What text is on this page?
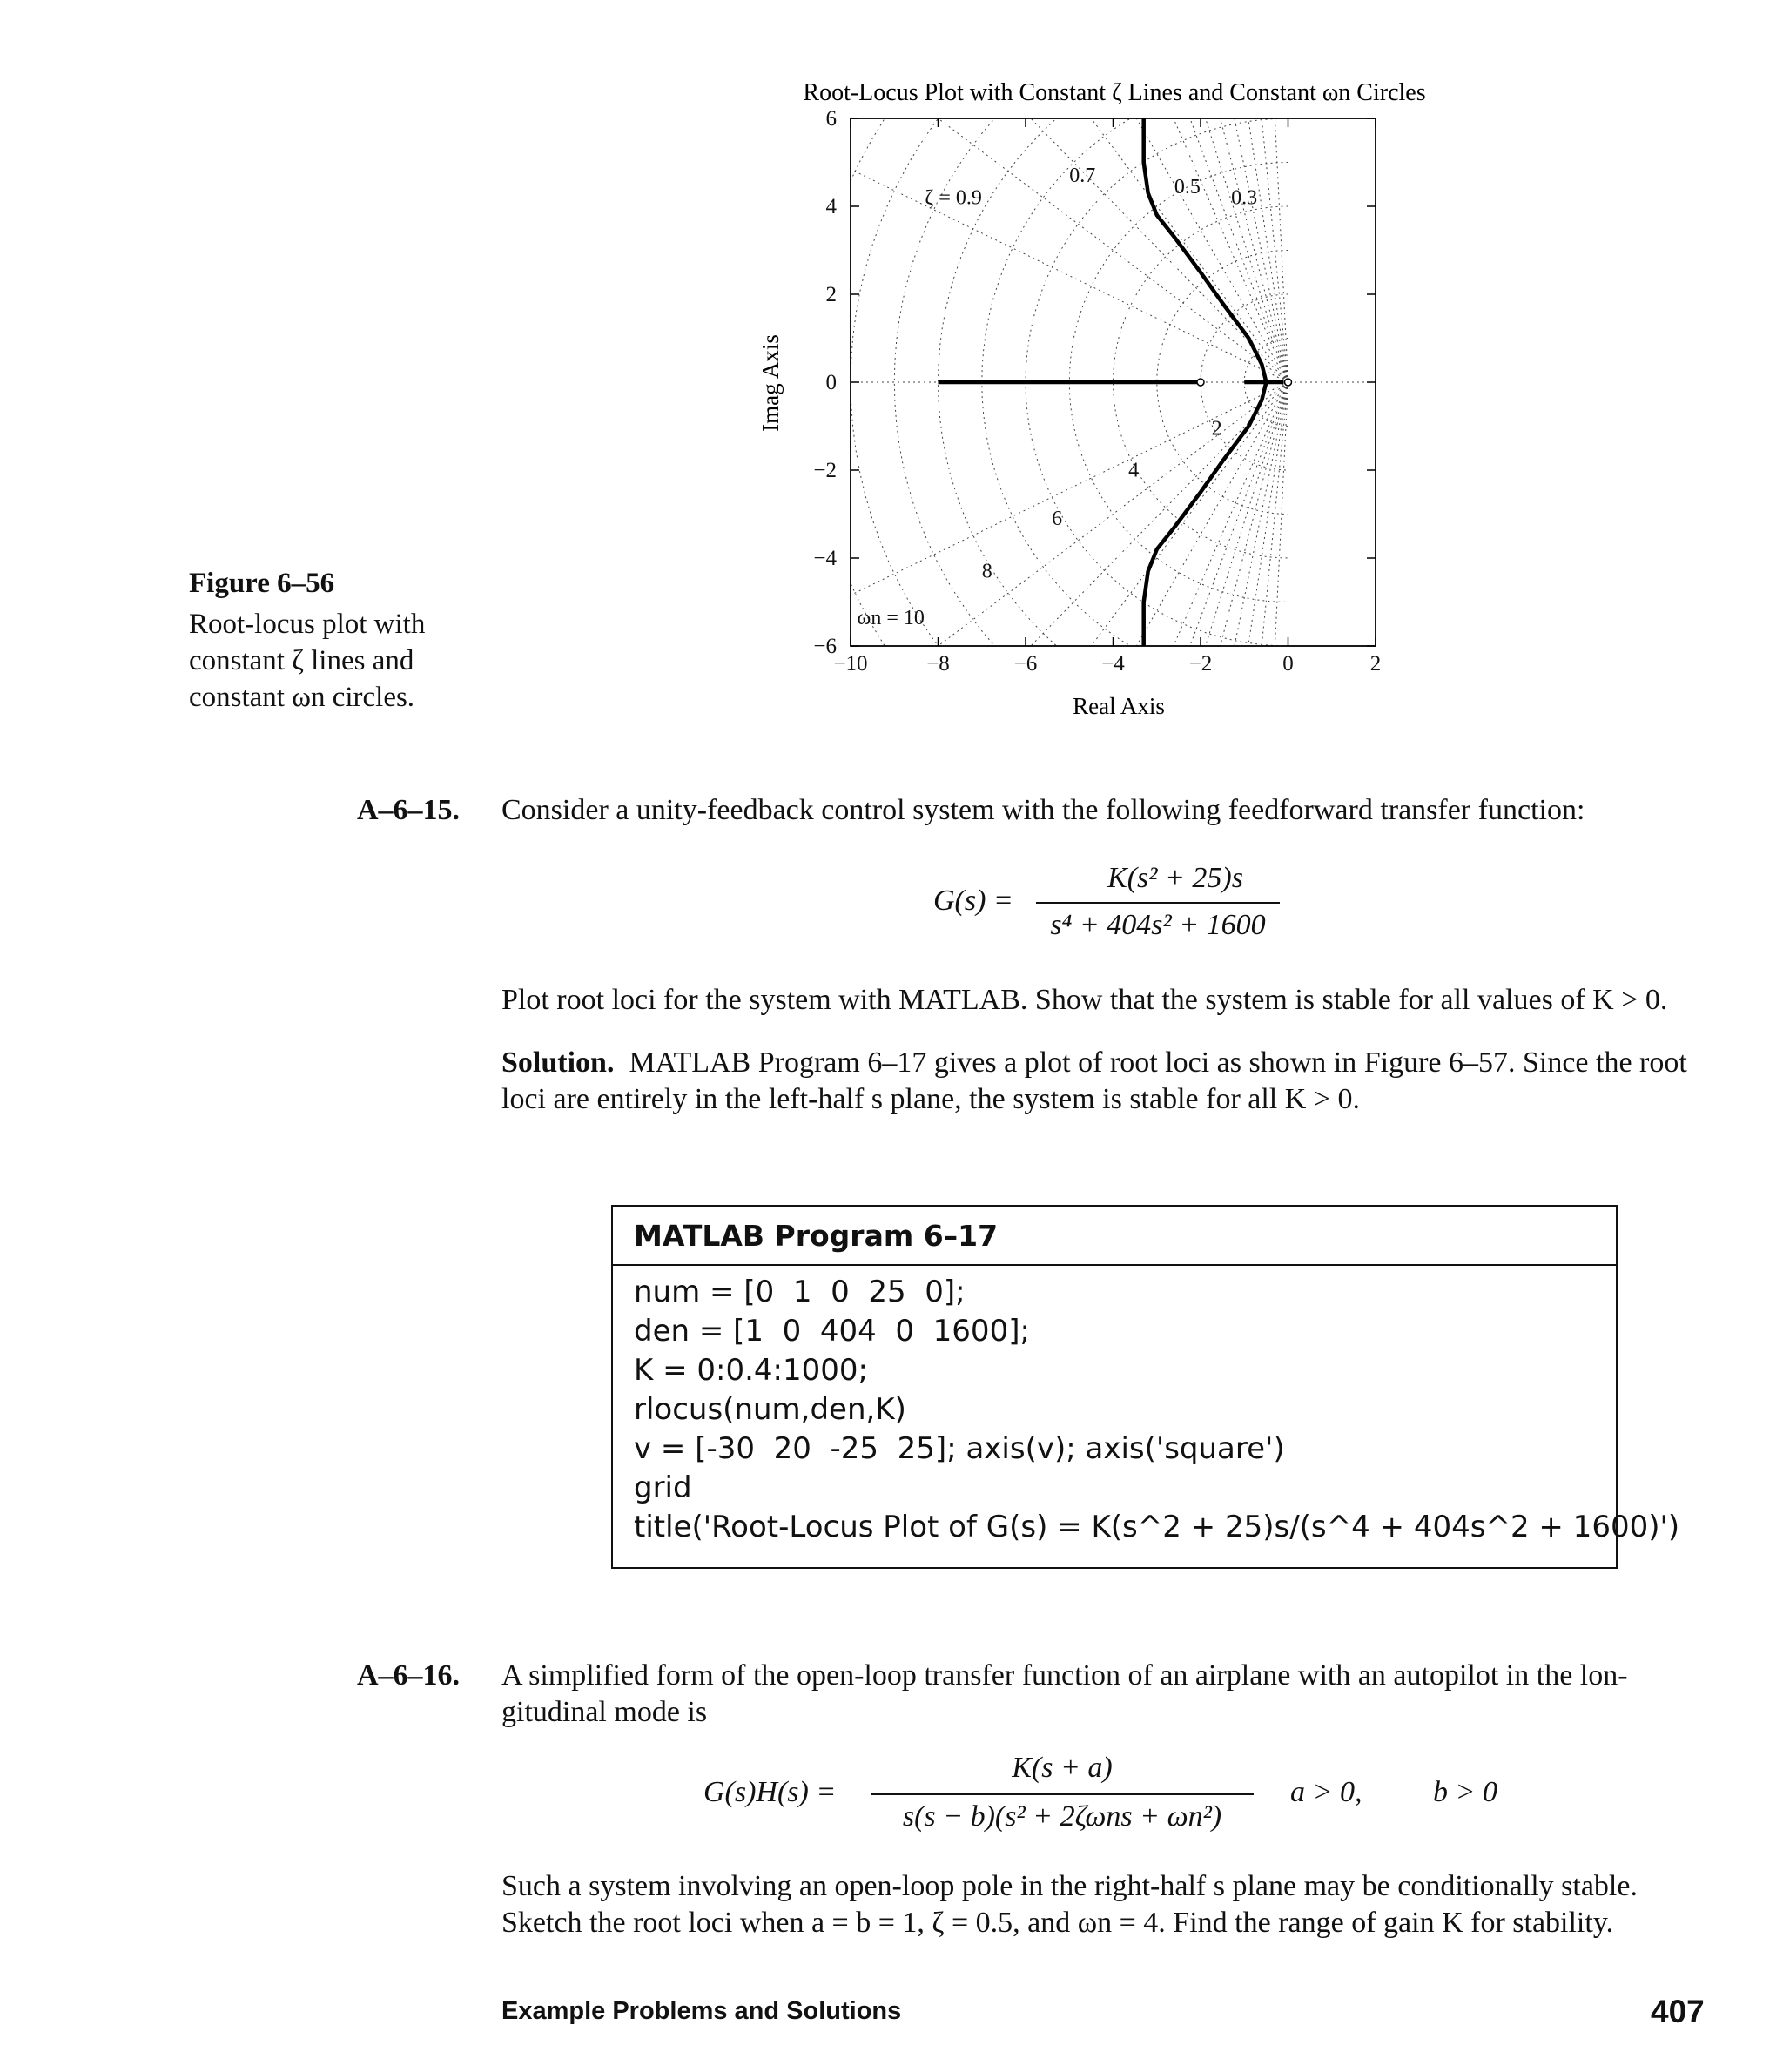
Figure 6–56
Root-locus plot with
constant ζ lines and
constant ωn circles.
−10	−8	−6	−4	−2	0	2
−6
−4
−2
0
2
4
6
ζ = 0.9
0.7	0.5 0.3
2
4
6
8
ωn = 10
Root-Locus Plot with Constant ζ Lines and Constant ωn Circles
Real Axis
Imag Axis
A–6–15. Consider a unity-feedback control system with the following feedforward transfer function:
G(s) =
K(s² + 25)s
s⁴ + 404s² + 1600
Plot root loci for the system with MATLAB. Show that the system is stable for all values of K > 0.
Solution. MATLAB Program 6–17 gives a plot of root loci as shown in Figure 6–57. Since the root
loci are entirely in the left-half s plane, the system is stable for all K > 0.
MATLAB Program 6–17
num = [0  1  0  25  0];
den = [1  0  404  0  1600];
K = 0:0.4:1000;
rlocus(num,den,K)
v = [-30  20  -25  25]; axis(v); axis('square')
grid
title('Root-Locus Plot of G(s) = K(s^2 + 25)s/(s^4 + 404s^2 + 1600)')
A–6–16. A simplified form of the open-loop transfer function of an airplane with an autopilot in the lon-
gitudinal mode is
G(s)H(s) =
K(s + a)
s(s − b)(s² + 2ζωns + ωn²)
a > 0, b > 0
Such a system involving an open-loop pole in the right-half s plane may be conditionally stable.
Sketch the root loci when a = b = 1, ζ = 0.5, and ωn = 4. Find the range of gain K for stability.
Example Problems and Solutions	407
